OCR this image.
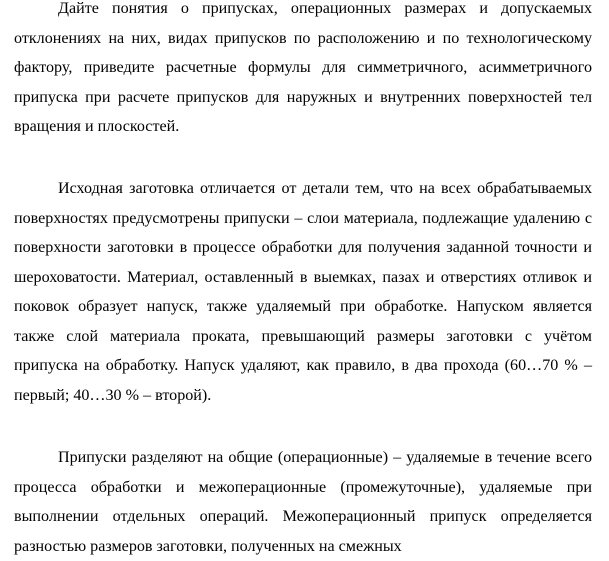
Дайте понятия о припусках, операционных размерах и допускаемых отклонениях на них, видах припусков по расположению и по технологическому фактору, приведите расчетные формулы для симметричного, асимметричного припуска при расчете припусков для наружных и внутренних поверхностей тел вращения и плоскостей.

Исходная заготовка отличается от детали тем, что на всех обрабатываемых поверхностях предусмотрены припуски – слои материала, подлежащие удалению с поверхности заготовки в процессе обработки для получения заданной точности и шероховатости. Материал, оставленный в выемках, пазах и отверстиях отливок и поковок образует напуск, также удаляемый при обработке. Напуском является также слой материала проката, превышающий размеры заготовки с учётом припуска на обработку. Напуск удаляют, как правило, в два прохода (60…70 % – первый; 40…30 % – второй).

Припуски разделяют на общие (операционные) – удаляемые в течение всего процесса обработки и межоперационные (промежуточные), удаляемые при выполнении отдельных операций. Межоперационный припуск определяется разностью размеров заготовки, полученных на смежных
